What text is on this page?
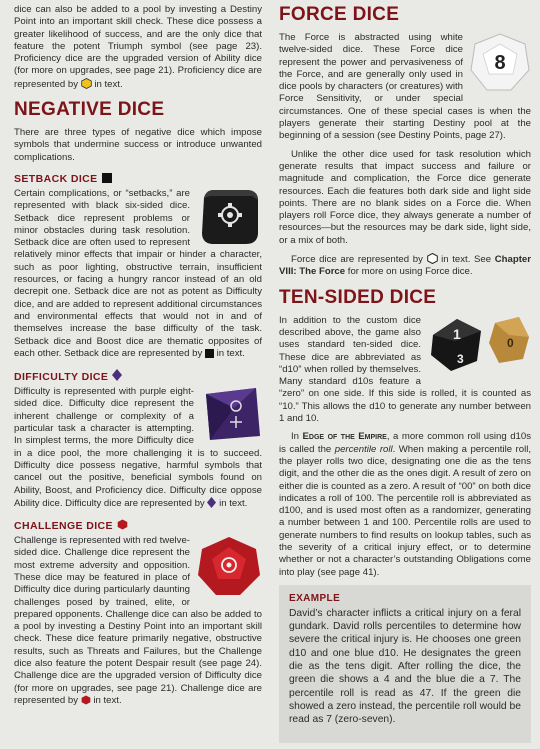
dice can also be added to a pool by investing a Destiny Point into an important skill check. These dice possess a greater likelihood of success, and are the only dice that feature the potent Triumph symbol (see page 23). Proficiency dice are the upgraded version of Ability dice (for more on upgrades, see page 21). Proficiency dice are represented by in text.

NEGATIVE DICE

There are three types of negative dice which impose symbols that undermine success or introduce unwanted complications.

SETBACK DICE

Certain complications, or “setbacks,” are represented with black six-sided dice. Setback dice represent problems or minor obstacles during task resolution. Setback dice are often used to represent relatively minor effects that impair or hinder a character, such as poor lighting, obstructive terrain, insufficient resources, or facing a hungry rancor instead of an old decrepit one. Setback dice are not as potent as Difficulty dice, and are added to represent additional circumstances and environmental effects that would not in and of themselves increase the base difficulty of the task. Setback dice and Boost dice are thematic opposites of each other. Setback dice are represented by in text.

DIFFICULTY DICE

Difficulty is represented with purple eight-sided dice. Difficulty dice represent the inherent challenge or complexity of a particular task a character is attempting. In simplest terms, the more Difficulty dice in a dice pool, the more challenging it is to succeed. Difficulty dice possess negative, harmful symbols that cancel out the positive, beneficial symbols found on Ability, Boost, and Proficiency dice. Difficulty dice oppose Ability dice. Difficulty dice are represented by in text.

CHALLENGE DICE

Challenge is represented with red twelve-sided dice. Challenge dice represent the most extreme adversity and opposition. These dice may be featured in place of Difficulty dice during particularly daunting challenges posed by trained, elite, or prepared opponents. Challenge dice can also be added to a pool by investing a Destiny Point into an important skill check. These dice feature primarily negative, obstructive results, such as Threats and Failures, but the Challenge dice also feature the potent Despair result (see page 24). Challenge dice are the upgraded version of Difficulty dice (for more on upgrades, see page 21). Challenge dice are represented by in text.

FORCE DICE

8
The Force is abstracted using white twelve-sided dice. These Force dice represent the power and pervasiveness of the Force, and are generally only used in dice pools by characters (or creatures) with Force Sensitivity, or under special circumstances. One of these special cases is when the players generate their starting Destiny pool at the beginning of a session (see Destiny Points, page 27).

Unlike the other dice used for task resolution which generate results that impact success and failure or magnitude and complication, the Force dice generate resources. Each die features both dark side and light side points. There are no blank sides on a Force die. When players roll Force dice, they always generate a number of resources—but the resources may be dark side, light side, or a mix of both.

Force dice are represented by in text. See Chapter VIII: The Force for more on using Force dice.

TEN-SIDED DICE

1
3
0
In addition to the custom dice described above, the game also uses standard ten-sided dice. These dice are abbreviated as “d10” when rolled by themselves. Many standard d10s feature a “zero” on one side. If this side is rolled, it is counted as “10.” This allows the d10 to generate any number between 1 and 10.

In Edge of the Empire, a more common roll using d10s is called the percentile roll. When making a percentile roll, the player rolls two dice, designating one die as the tens digit, and the other die as the ones digit. A result of zero on either die is counted as a zero. A result of “00” on both dice indicates a roll of 100. The percentile roll is abbreviated as d100, and is used most often as a randomizer, generating a number between 1 and 100. Percentile rolls are used to generate numbers to find results on lookup tables, such as the severity of a critical injury effect, or to determine whether or not a character’s outstanding Obligations come into play (see page 41).

EXAMPLE

David’s character inflicts a critical injury on a feral gundark. David rolls percentiles to determine how severe the critical injury is. He chooses one green d10 and one blue d10. He designates the green die as the tens digit. After rolling the dice, the green die shows a 4 and the blue die a 7. The percentile roll is read as 47. If the green die showed a zero instead, the percentile roll would be read as 7 (zero-seven).
